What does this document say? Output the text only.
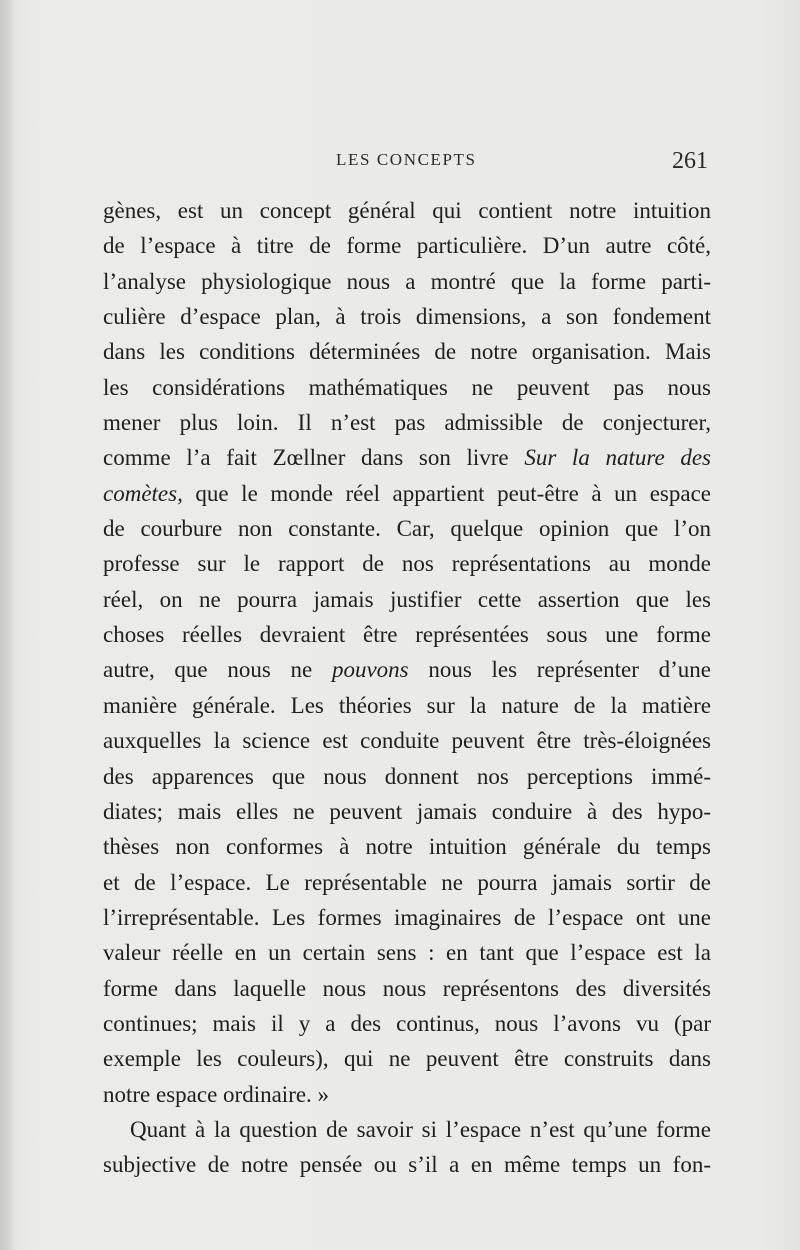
LES CONCEPTS	261
gènes, est un concept général qui contient notre intuition
de l’espace à titre de forme particulière. D’un autre côté,
l’analyse physiologique nous a montré que la forme parti-
culière d’espace plan, à trois dimensions, a son fondement
dans les conditions déterminées de notre organisation. Mais
les considérations mathématiques ne peuvent pas nous
mener plus loin. Il n’est pas admissible de conjecturer,
comme l’a fait Zœllner dans son livre Sur la nature des
comètes, que le monde réel appartient peut-être à un espace
de courbure non constante. Car, quelque opinion que l’on
professe sur le rapport de nos représentations au monde
réel, on ne pourra jamais justifier cette assertion que les
choses réelles devraient être représentées sous une forme
autre, que nous ne pouvons nous les représenter d’une
manière générale. Les théories sur la nature de la matière
auxquelles la science est conduite peuvent être très-éloignées
des apparences que nous donnent nos perceptions immé-
diates; mais elles ne peuvent jamais conduire à des hypo-
thèses non conformes à notre intuition générale du temps
et de l’espace. Le représentable ne pourra jamais sortir de
l’irreprésentable. Les formes imaginaires de l’espace ont une
valeur réelle en un certain sens : en tant que l’espace est la
forme dans laquelle nous nous représentons des diversités
continues; mais il y a des continus, nous l’avons vu (par
exemple les couleurs), qui ne peuvent être construits dans
notre espace ordinaire. »
Quant à la question de savoir si l’espace n’est qu’une forme
subjective de notre pensée ou s’il a en même temps un fon-
